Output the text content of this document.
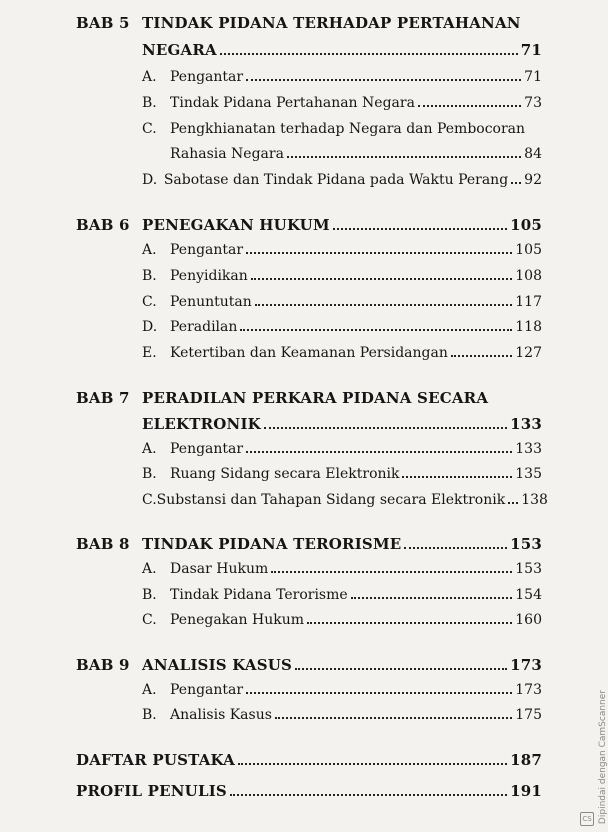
BAB 5 TINDAK PIDANA TERHADAP PERTAHANAN
NEGARA	71
A. Pengantar	71
B. Tindak Pidana Pertahanan Negara	73
C. Pengkhianatan terhadap Negara dan Pembocoran
Rahasia Negara	84
D. Sabotase dan Tindak Pidana pada Waktu Perang 92
BAB 6 PENEGAKAN HUKUM	105
A. Pengantar	105
B. Penyidikan	108
C. Penuntutan	117
D. Peradilan	118
E. Ketertiban dan Keamanan Persidangan	127
BAB 7 PERADILAN PERKARA PIDANA SECARA
ELEKTRONIK	133
A. Pengantar	133
B. Ruang Sidang secara Elektronik	135
C. Substansi dan Tahapan Sidang secara Elektronik 138
BAB 8 TINDAK PIDANA TERORISME	153
A. Dasar Hukum	153
B. Tindak Pidana Terorisme	154
C. Penegakan Hukum	160
BAB 9 ANALISIS KASUS	173
A. Pengantar	173
B. Analisis Kasus	175
DAFTAR PUSTAKA	187
PROFIL PENULIS	191	Dipindai dengan CamScanner
CS
